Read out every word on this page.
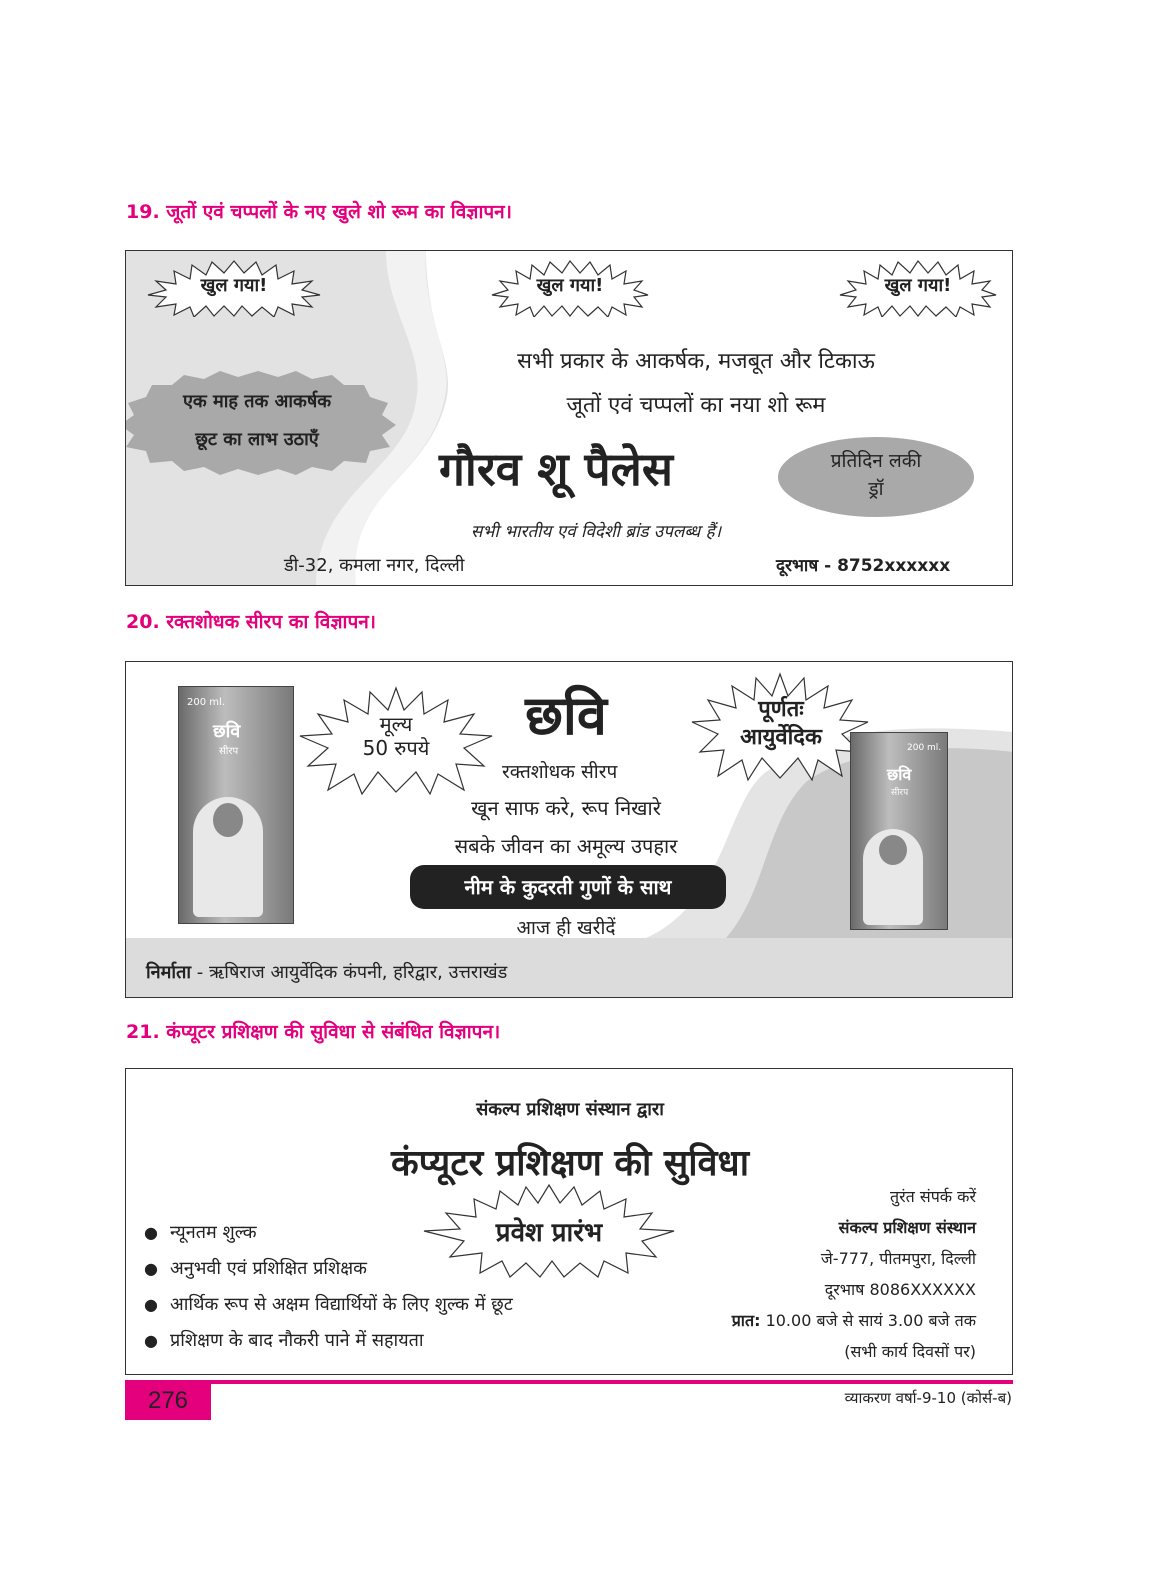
19. जूतों एवं चप्पलों के नए खुले शो रूम का विज्ञापन।
खुल गया!	खुल गया!	खुल गया!
एक माह तक आकर्षक
छूट का लाभ उठाएँ
सभी प्रकार के आकर्षक, मजबूत और टिकाऊ
जूतों एवं चप्पलों का नया शो रूम
गौरव शू पैलेस	प्रतिदिन लकी
ड्रॉ
सभी भारतीय एवं विदेशी ब्रांड उपलब्ध हैं।
डी-32, कमला नगर, दिल्ली	दूरभाष - 8752xxxxxx
20. रक्तशोधक सीरप का विज्ञापन।
200 ml.
छवि
सीरप
मूल्य
50 रुपये
छवि	पूर्णतः
आयुर्वेदिक	200 ml.
छवि
सीरप
रक्तशोधक सीरप
खून साफ करे, रूप निखारे
सबके जीवन का अमूल्य उपहार
नीम के कुदरती गुणों के साथ
आज ही खरीदें
निर्माता - ऋषिराज आयुर्वेदिक कंपनी, हरिद्वार, उत्तराखंड
21. कंप्यूटर प्रशिक्षण की सुविधा से संबंधित विज्ञापन।
संकल्प प्रशिक्षण संस्थान द्वारा
कंप्यूटर प्रशिक्षण की सुविधा
प्रवेश प्रारंभ
● न्यूनतम शुल्क
● अनुभवी एवं प्रशिक्षित प्रशिक्षक
● आर्थिक रूप से अक्षम विद्यार्थियों के लिए शुल्क में छूट
● प्रशिक्षण के बाद नौकरी पाने में सहायता
तुरंत संपर्क करें
संकल्प प्रशिक्षण संस्थान
जे-777, पीतमपुरा, दिल्ली
दूरभाष 8086XXXXXX
प्रात: 10.00 बजे से सायं 3.00 बजे तक
(सभी कार्य दिवसों पर)
276	व्याकरण वर्षा-9-10 (कोर्स-ब)
